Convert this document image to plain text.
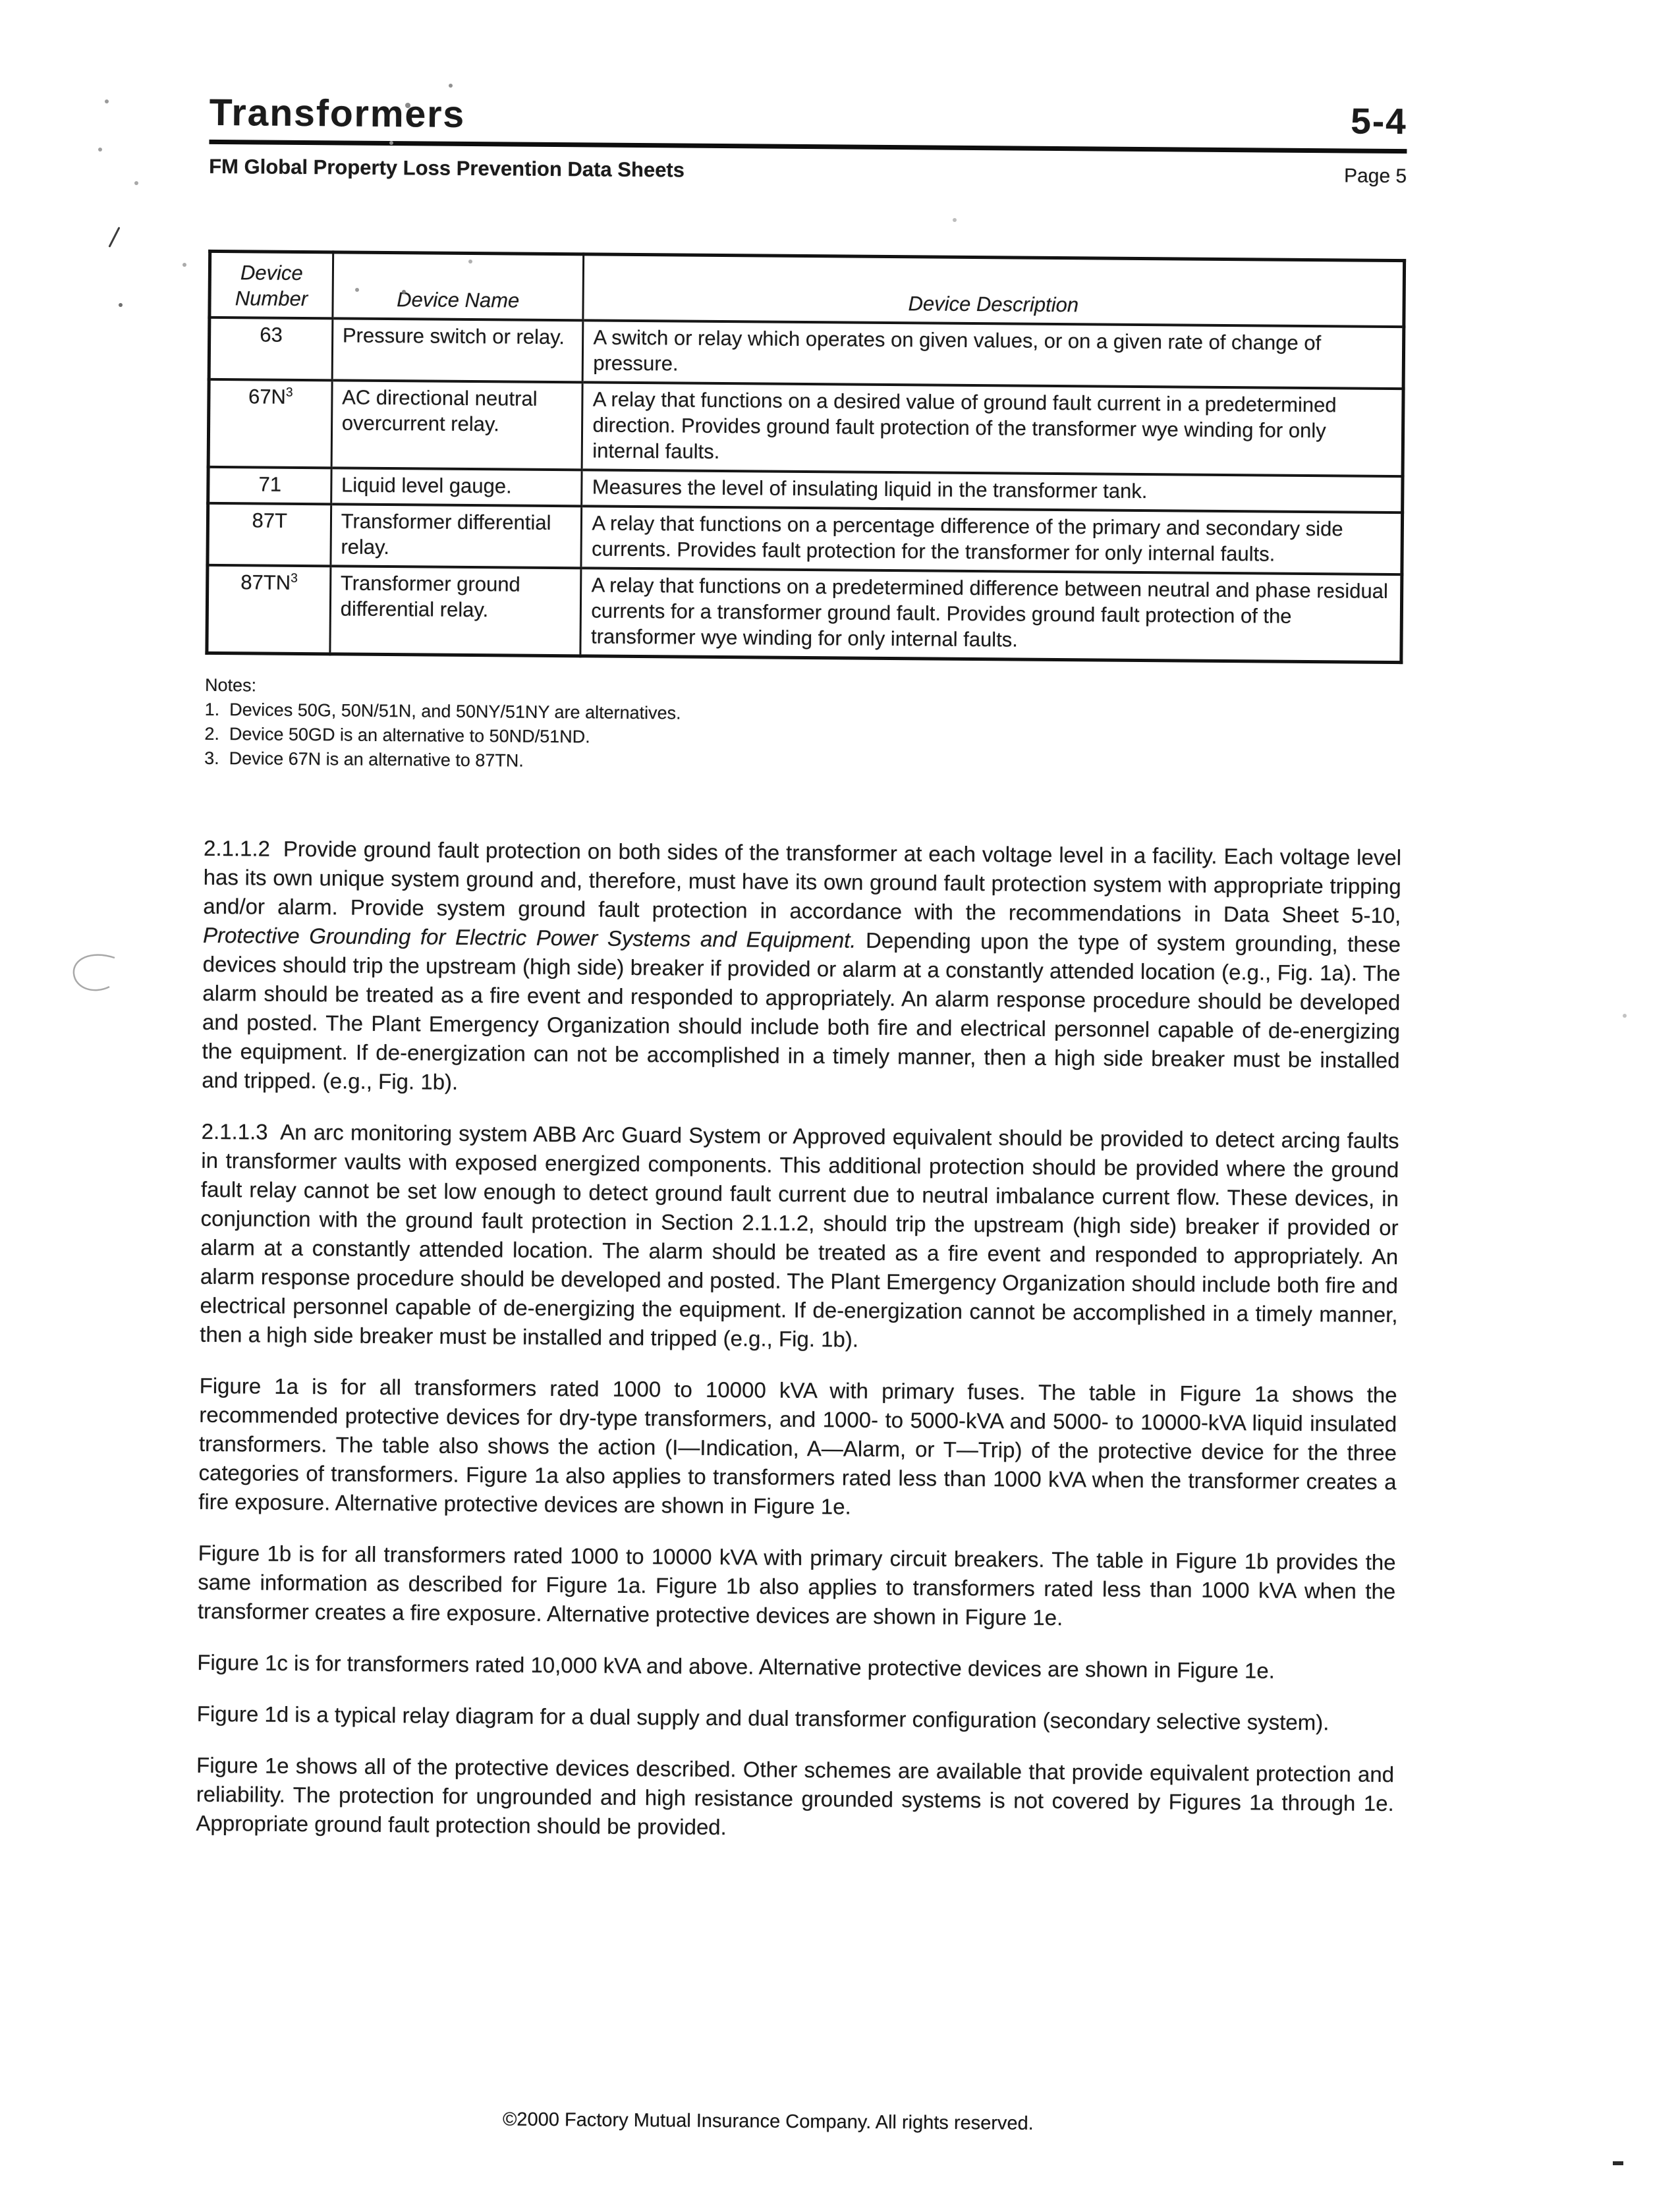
Transformers	5-4
FM Global Property Loss Prevention Data Sheets	Page 5
Device Number	Device Name	Device Description
63	Pressure switch or relay.	A switch or relay which operates on given values, or on a given rate of change of pressure.
$67N^3$	AC directional neutral overcurrent relay.	A relay that functions on a desired value of ground fault current in a predetermined direction. Provides ground fault protection of the transformer wye winding for only internal faults.
71	Liquid level gauge.	Measures the level of insulating liquid in the transformer tank.
87T	Transformer differential relay.	A relay that functions on a percentage difference of the primary and secondary side currents. Provides fault protection for the transformer for only internal faults.
$87TN^3$	Transformer ground differential relay.	A relay that functions on a predetermined difference between neutral and phase residual currents for a transformer ground fault. Provides ground fault protection of the transformer wye winding for only internal faults.
Notes:
1.  Devices 50G, 50N/51N, and 50NY/51NY are alternatives.
2.  Device 50GD is an alternative to 50ND/51ND.
3.  Device 67N is an alternative to 87TN.

2.1.1.2  Provide ground fault protection on both sides of the transformer at each voltage level in a facility. Each voltage level has its own unique system ground and, therefore, must have its own ground fault protection system with appropriate tripping and/or alarm. Provide system ground fault protection in accordance with the recommendations in Data Sheet 5-10, Protective Grounding for Electric Power Systems and Equipment. Depending upon the type of system grounding, these devices should trip the upstream (high side) breaker if provided or alarm at a constantly attended location (e.g., Fig. 1a). The alarm should be treated as a fire event and responded to appropriately. An alarm response procedure should be developed and posted. The Plant Emergency Organization should include both fire and electrical personnel capable of de-energizing the equipment. If de-energization can not be accomplished in a timely manner, then a high side breaker must be installed and tripped. (e.g., Fig. 1b).

2.1.1.3  An arc monitoring system ABB Arc Guard System or Approved equivalent should be provided to detect arcing faults in transformer vaults with exposed energized components. This additional protection should be provided where the ground fault relay cannot be set low enough to detect ground fault current due to neutral imbalance current flow. These devices, in conjunction with the ground fault protection in Section 2.1.1.2, should trip the upstream (high side) breaker if provided or alarm at a constantly attended location. The alarm should be treated as a fire event and responded to appropriately. An alarm response procedure should be developed and posted. The Plant Emergency Organization should include both fire and electrical personnel capable of de-energizing the equipment. If de-energization cannot be accomplished in a timely manner, then a high side breaker must be installed and tripped (e.g., Fig. 1b).

Figure 1a is for all transformers rated 1000 to 10000 kVA with primary fuses. The table in Figure 1a shows the recommended protective devices for dry-type transformers, and 1000- to 5000-kVA and 5000- to 10000-kVA liquid insulated transformers. The table also shows the action (I—Indication, A—Alarm, or T—Trip) of the protective device for the three categories of transformers. Figure 1a also applies to transformers rated less than 1000 kVA when the transformer creates a fire exposure. Alternative protective devices are shown in Figure 1e.

Figure 1b is for all transformers rated 1000 to 10000 kVA with primary circuit breakers. The table in Figure 1b provides the same information as described for Figure 1a. Figure 1b also applies to transformers rated less than 1000 kVA when the transformer creates a fire exposure. Alternative protective devices are shown in Figure 1e.

Figure 1c is for transformers rated 10,000 kVA and above. Alternative protective devices are shown in Figure 1e.

Figure 1d is a typical relay diagram for a dual supply and dual transformer configuration (secondary selective system).

Figure 1e shows all of the protective devices described. Other schemes are available that provide equivalent protection and reliability. The protection for ungrounded and high resistance grounded systems is not covered by Figures 1a through 1e. Appropriate ground fault protection should be provided.

©2000 Factory Mutual Insurance Company. All rights reserved.
